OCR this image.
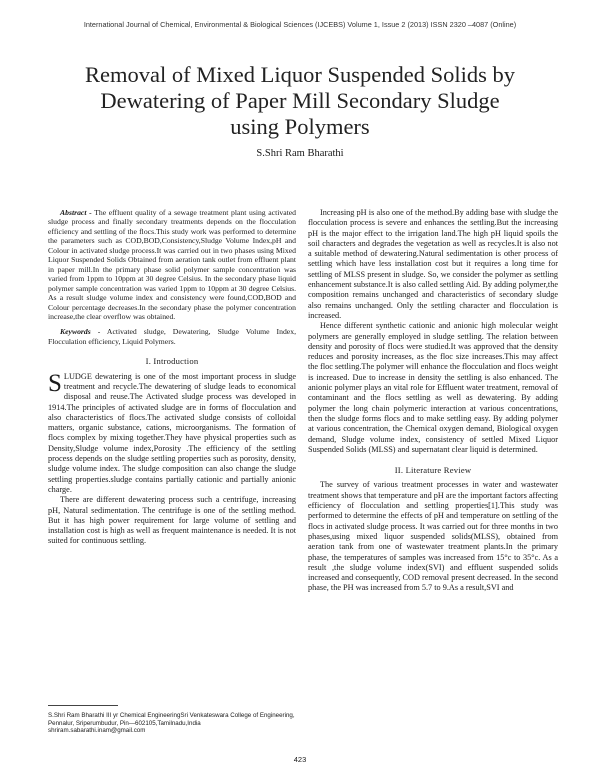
International Journal of Chemical, Environmental & Biological Sciences (IJCEBS) Volume 1, Issue 2 (2013) ISSN 2320 –4087 (Online)
Removal of Mixed Liquor Suspended Solids by
Dewatering of Paper Mill Secondary Sludge
using Polymers
S.Shri Ram Bharathi

Abstract - The effluent quality of a sewage treatment plant using activated sludge process and finally secondary treatments depends on the flocculation efficiency and settling of the flocs.This study work was performed to determine the parameters such as COD,BOD,Consistency,Sludge Volume Index,pH and Colour in activated sludge process.It was carried out in two phases using Mixed Liquor Suspended Solids Obtained from aeration tank outlet from effluent plant in paper mill.In the primary phase solid polymer sample concentration was varied from 1ppm to 10ppm at 30 degree Celsius. In the secondary phase liquid polymer sample concentration was varied 1ppm to 10ppm at 30 degree Celsius. As a result sludge volume index and consistency were found,COD,BOD and Colour percentage decreases.In the secondary phase the polymer concentration increase,the clear overflow was obtained.

Keywords - Activated sludge, Dewatering, Sludge Volume Index, Flocculation efficiency, Liquid Polymers.

I. Introduction

SLUDGE dewatering is one of the most important process in sludge treatment and recycle.The dewatering of sludge leads to economical disposal and reuse.The Activated sludge process was developed in 1914.The principles of activated sludge are in forms of flocculation and also characteristics of flocs.The activated sludge consists of colloidal matters, organic substance, cations, microorganisms. The formation of flocs complex by mixing together.They have physical properties such as Density,Sludge volume index,Porosity .The efficiency of the settling process depends on the sludge settling properties such as porosity, density, sludge volume index. The sludge composition can also change the sludge settling properties.sludge contains partially cationic and partially anionic charge.

There are different dewatering process such a centrifuge, increasing pH, Natural sedimentation. The centrifuge is one of the settling method. But it has high power requirement for large volume of settling and installation cost is high as well as frequent maintenance is needed. It is not suited for continuous settling.

Increasing pH is also one of the method.By adding base with sludge the flocculation process is severe and enhances the settling.But the increasing pH is the major effect to the irrigation land.The high pH liquid spoils the soil characters and degrades the vegetation as well as recycles.It is also not a suitable method of dewatering.Natural sedimentation is other process of settling which have less installation cost but it requires a long time for settling of MLSS present in sludge. So, we consider the polymer as settling enhancement substance.It is also called settling Aid. By adding polymer,the composition remains unchanged and characteristics of secondary sludge also remains unchanged. Only the settling character and flocculation is increased.

Hence different synthetic cationic and anionic high molecular weight polymers are generally employed in sludge settling. The relation between density and porosity of flocs were studied.It was approved that the density reduces and porosity increases, as the floc size increases.This may affect the floc settling.The polymer will enhance the flocculation and flocs weight is increased. Due to increase in density the settling is also enhanced. The anionic polymer plays an vital role for Effluent water treatment, removal of contaminant and the flocs settling as well as dewatering. By adding polymer the long chain polymeric interaction at various concentrations, then the sludge forms flocs and to make settling easy. By adding polymer at various concentration, the Chemical oxygen demand, Biological oxygen demand, Sludge volume index, consistency of settled Mixed Liquor Suspended Solids (MLSS) and supernatant clear liquid is determined.

II. Literature Review

The survey of various treatment processes in water and wastewater treatment shows that temperature and pH are the important factors affecting efficiency of flocculation and settling properties[1].This study was performed to determine the effects of pH and temperature on settling of the flocs in activated sludge process. It was carried out for three months in two phases,using mixed liquor suspended solids(MLSS), obtained from aeration tank from one of wastewater treatment plants.In the primary phase, the temperatures of samples was increased from 15°c to 35°c. As a result ,the sludge volume index(SVI) and effluent suspended solids increased and consequently, COD removal present decreased. In the second phase, the PH was increased from 5.7 to 9.As a result,SVI and

S.Shri Ram Bharathi III yr Chemical EngineeringSri Venkateswara College of Engineering, Pennalur, Sriperumbudur, Pin—602105,Tamilnadu,India shriram.sabarathi.inam@gmail.com
423
